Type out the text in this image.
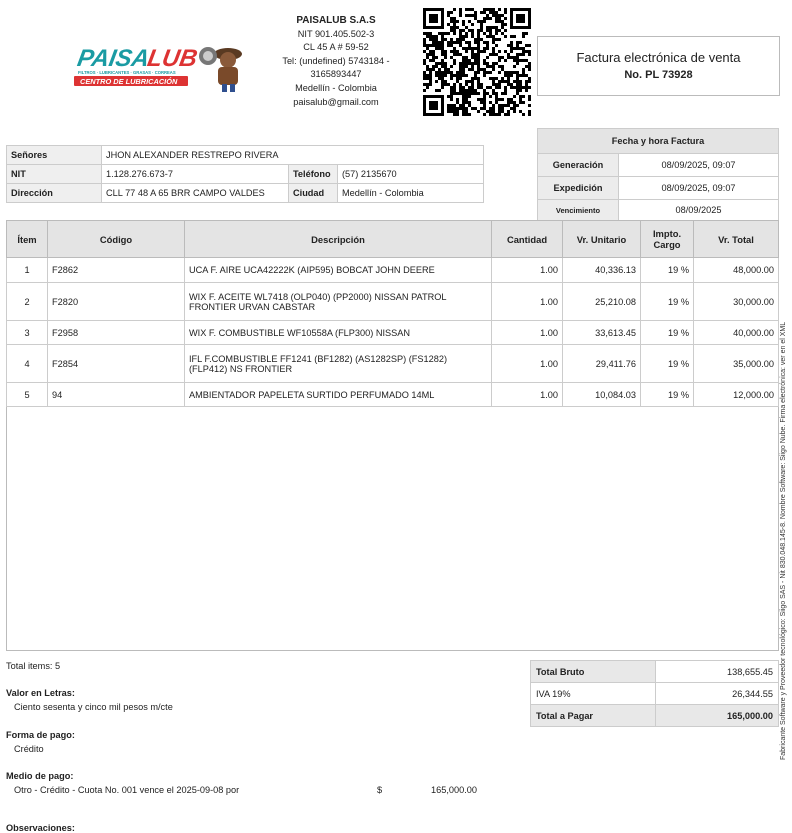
PAISA
LUB
FILTROS · LUBRICANTES · GRASAS · CORREAS
CENTRO DE LUBRICACIÓN
PAISALUB S.A.S
NIT 901.405.502-3
CL 45 A # 59-52
Tel: (undefined) 5743184 -
3165893447
Medellín - Colombia
paisalub@gmail.com
Factura electrónica de venta
No. PL 73928
Señores	JHON ALEXANDER RESTREPO RIVERA		
NIT	1.128.276.673-7	Teléfono	(57) 2135670
Dirección	CLL 77 48 A 65 BRR CAMPO VALDES	Ciudad	Medellín - Colombia
Fecha y hora Factura	
Generación	08/09/2025, 09:07
Expedición	08/09/2025, 09:07
Vencimiento	08/09/2025
Ítem	Código	Descripción	Cantidad	Vr. Unitario	Impto. Cargo	Vr. Total
1	F2862	UCA F. AIRE UCA42222K (AIP595) BOBCAT JOHN DEERE	1.00	40,336.13	19 %	48,000.00
2	F2820	WIX F. ACEITE WL7418 (OLP040) (PP2000) NISSAN PATROL FRONTIER URVAN CABSTAR	1.00	25,210.08	19 %	30,000.00
3	F2958	WIX F. COMBUSTIBLE WF10558A (FLP300) NISSAN	1.00	33,613.45	19 %	40,000.00
4	F2854	IFL F.COMBUSTIBLE FF1241 (BF1282) (AS1282SP) (FS1282) (FLP412) NS FRONTIER	1.00	29,411.76	19 %	35,000.00
5	94	AMBIENTADOR PAPELETA SURTIDO PERFUMADO 14ML	1.00	10,084.03	19 %	12,000.00
Total items: 5
Valor en Letras:
Ciento sesenta y cinco mil pesos m/cte
Forma de pago:
Crédito
Medio de pago:
Otro - Crédito - Cuota No. 001 vence el 2025-09-08 por	$	165,000.00
Observaciones:
Total Bruto	138,655.45
IVA 19%	26,344.55
Total a Pagar	165,000.00 Fabricante Software y Proveedor tecnológico: Siigo SAS - Nit 830.048.145-8. Nombre Software: Siigo Nube. Firma electrónica: ver en el XML
